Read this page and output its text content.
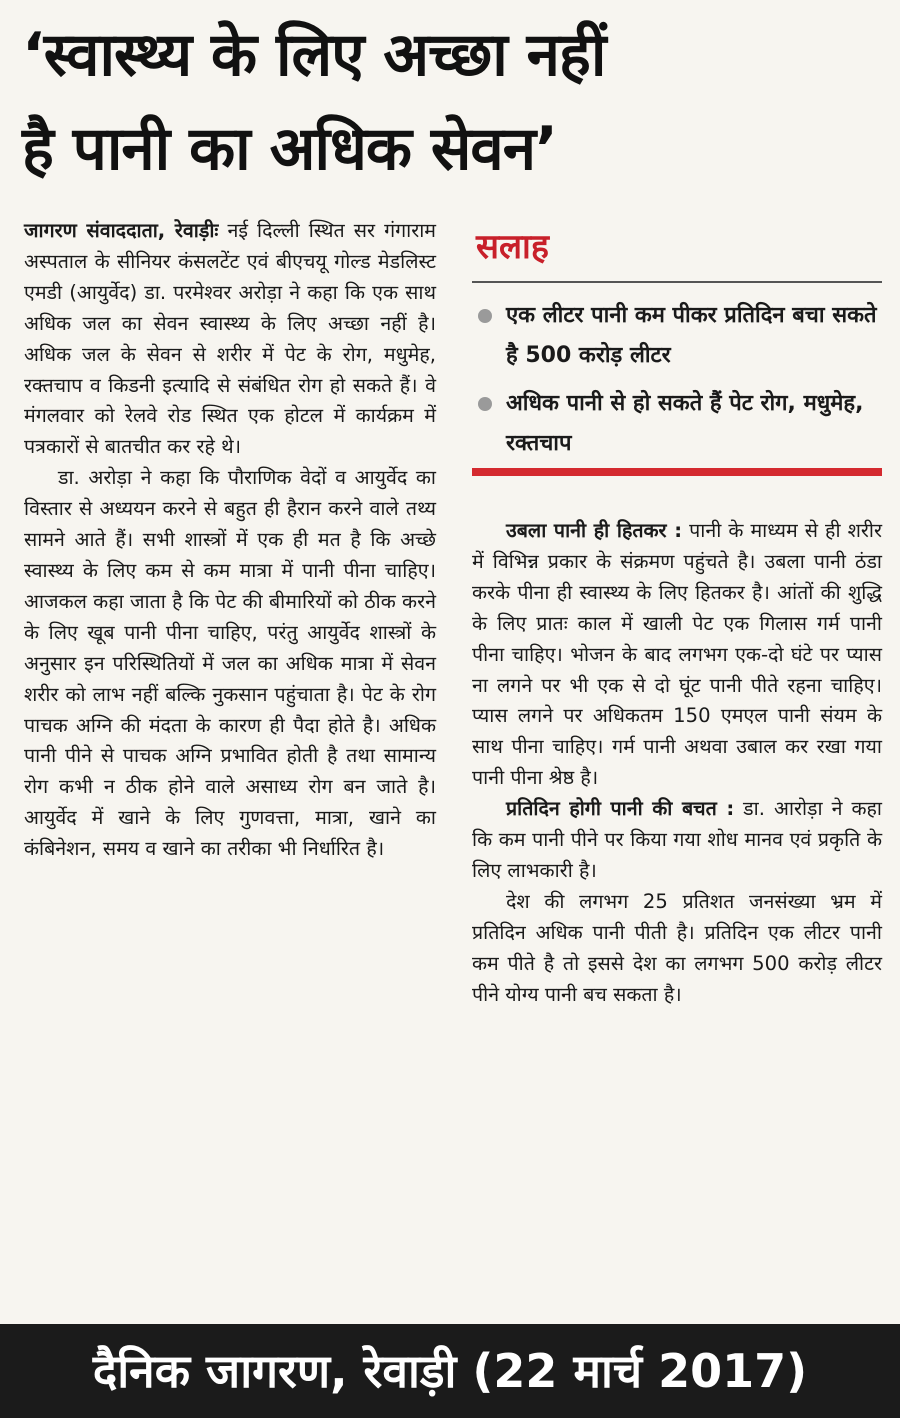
‘स्वास्थ्य के लिए अच्छा नहीं
है पानी का अधिक सेवन’

जागरण संवाददाता, रेवाड़ीः नई दिल्ली स्थित सर गंगाराम अस्पताल के सीनियर कंसलटेंट एवं बीएचयू गोल्ड मेडलिस्ट एमडी (आयुर्वेद) डा. परमेश्वर अरोड़ा ने कहा कि एक साथ अधिक जल का सेवन स्वास्थ्य के लिए अच्छा नहीं है। अधिक जल के सेवन से शरीर में पेट के रोग, मधुमेह, रक्तचाप व किडनी इत्यादि से संबंधित रोग हो सकते हैं। वे मंगलवार को रेलवे रोड स्थित एक होटल में कार्यक्रम में पत्रकारों से बातचीत कर रहे थे।

डा. अरोड़ा ने कहा कि पौराणिक वेदों व आयुर्वेद का विस्तार से अध्ययन करने से बहुत ही हैरान करने वाले तथ्य सामने आते हैं। सभी शास्त्रों में एक ही मत है कि अच्छे स्वास्थ्य के लिए कम से कम मात्रा में पानी पीना चाहिए। आजकल कहा जाता है कि पेट की बीमारियों को ठीक करने के लिए खूब पानी पीना चाहिए, परंतु आयुर्वेद शास्त्रों के अनुसार इन परिस्थितियों में जल का अधिक मात्रा में सेवन शरीर को लाभ नहीं बल्कि नुकसान पहुंचाता है। पेट के रोग पाचक अग्नि की मंदता के कारण ही पैदा होते है। अधिक पानी पीने से पाचक अग्नि प्रभावित होती है तथा सामान्य रोग कभी न ठीक होने वाले असाध्य रोग बन जाते है। आयुर्वेद में खाने के लिए गुणवत्ता, मात्रा, खाने का कंबिनेशन, समय व खाने का तरीका भी निर्धारित है।

सलाह
एक लीटर पानी कम पीकर प्रतिदिन बचा सकते है 500 करोड़ लीटर
अधिक पानी से हो सकते हैं पेट रोग, मधुमेह, रक्तचाप

उबला पानी ही हितकर : पानी के माध्यम से ही शरीर में विभिन्न प्रकार के संक्रमण पहुंचते है। उबला पानी ठंडा करके पीना ही स्वास्थ्य के लिए हितकर है। आंतों की शुद्धि के लिए प्रातः काल में खाली पेट एक गिलास गर्म पानी पीना चाहिए। भोजन के बाद लगभग एक-दो घंटे पर प्यास ना लगने पर भी एक से दो घूंट पानी पीते रहना चाहिए। प्यास लगने पर अधिकतम 150 एमएल पानी संयम के साथ पीना चाहिए। गर्म पानी अथवा उबाल कर रखा गया पानी पीना श्रेष्ठ है।

प्रतिदिन होगी पानी की बचत : डा. आरोड़ा ने कहा कि कम पानी पीने पर किया गया शोध मानव एवं प्रकृति के लिए लाभकारी है।

देश की लगभग 25 प्रतिशत जनसंख्या भ्रम में प्रतिदिन अधिक पानी पीती है। प्रतिदिन एक लीटर पानी कम पीते है तो इससे देश का लगभग 500 करोड़ लीटर पीने योग्य पानी बच सकता है।

दैनिक जागरण, रेवाड़ी (22 मार्च 2017)
